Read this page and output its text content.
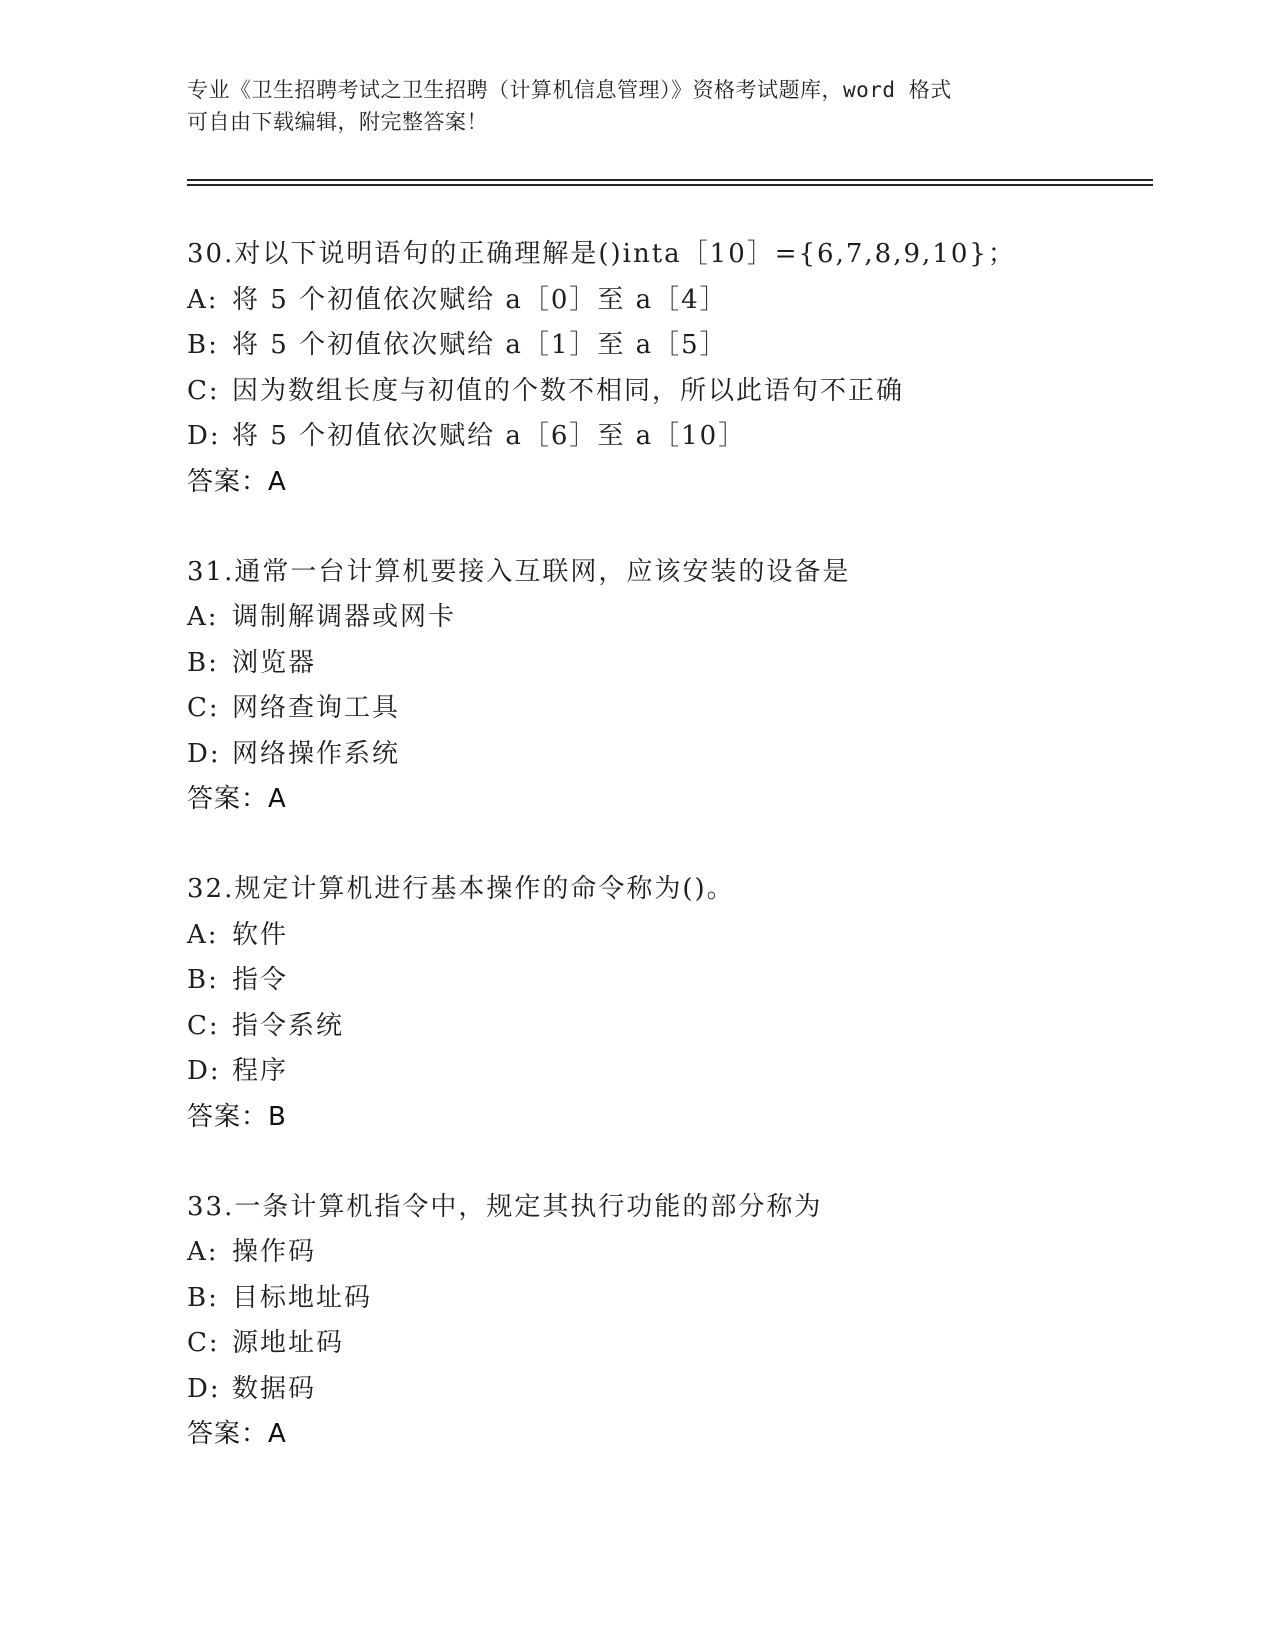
专业《卫生招聘考试之卫生招聘（计算机信息管理）》资格考试题库，word 格式
可自由下载编辑，附完整答案！
30.对以下说明语句的正确理解是()inta［10］={6,7,8,9,10}；
A: 将 5 个初值依次赋给 a［0］至 a［4］
B: 将 5 个初值依次赋给 a［1］至 a［5］
C: 因为数组长度与初值的个数不相同，所以此语句不正确
D: 将 5 个初值依次赋给 a［6］至 a［10］
答案：A
31.通常一台计算机要接入互联网，应该安装的设备是
A: 调制解调器或网卡
B: 浏览器
C: 网络查询工具
D: 网络操作系统
答案：A
32.规定计算机进行基本操作的命令称为()。
A: 软件
B: 指令
C: 指令系统
D: 程序
答案：B
33.一条计算机指令中，规定其执行功能的部分称为
A: 操作码
B: 目标地址码
C: 源地址码
D: 数据码
答案：A
